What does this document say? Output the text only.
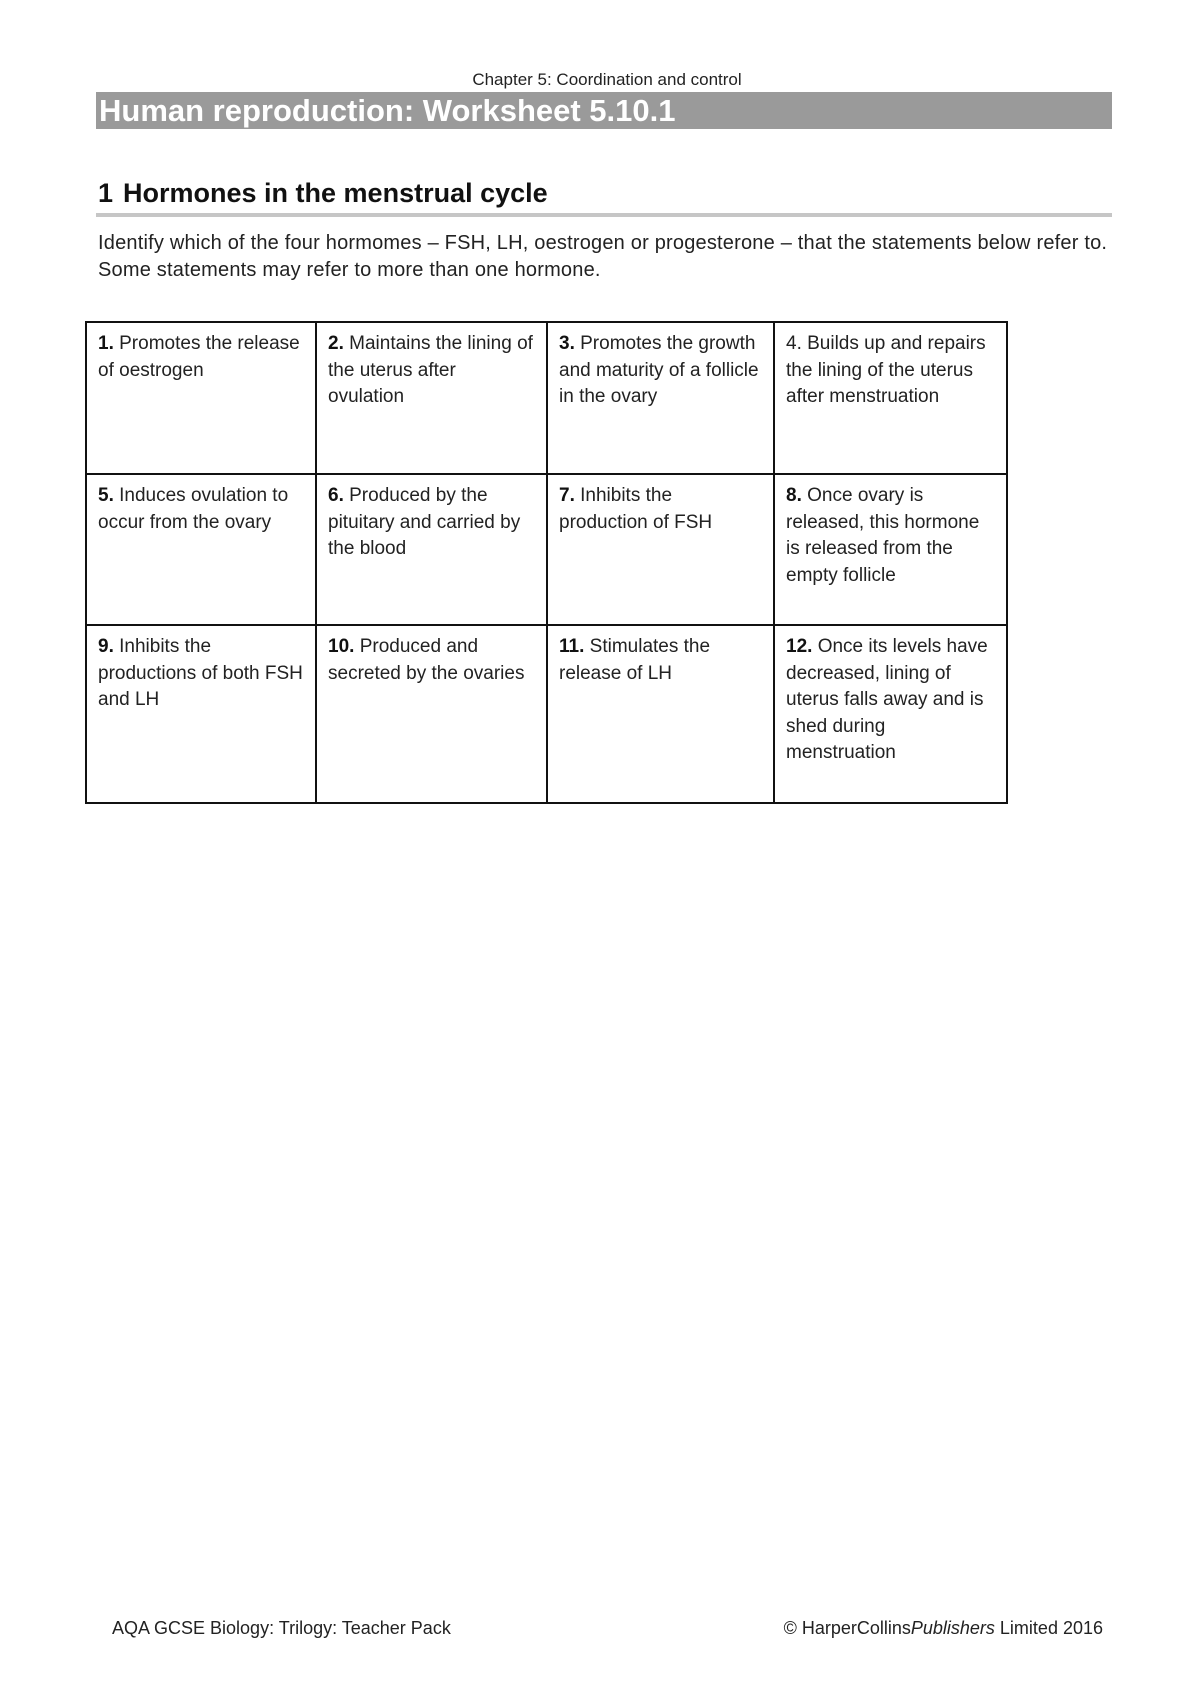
Chapter 5: Coordination and control
Human reproduction: Worksheet 5.10.1
1 Hormones in the menstrual cycle
Identify which of the four hormomes – FSH, LH, oestrogen or progesterone – that the statements below refer to. Some statements may refer to more than one hormone.
1. Promotes the release of oestrogen	2. Maintains the lining of the uterus after ovulation	3. Promotes the growth and maturity of a follicle in the ovary	4. Builds up and repairs the lining of the uterus after menstruation
5. Induces ovulation to occur from the ovary	6. Produced by the pituitary and carried by the blood	7. Inhibits the production of FSH	8. Once ovary is released, this hormone is released from the empty follicle
9. Inhibits the productions of both FSH and LH	10. Produced and secreted by the ovaries	11. Stimulates the release of LH	12. Once its levels have decreased, lining of uterus falls away and is shed during menstruation
AQA GCSE Biology: Trilogy: Teacher Pack	© HarperCollinsPublishers Limited 2016
